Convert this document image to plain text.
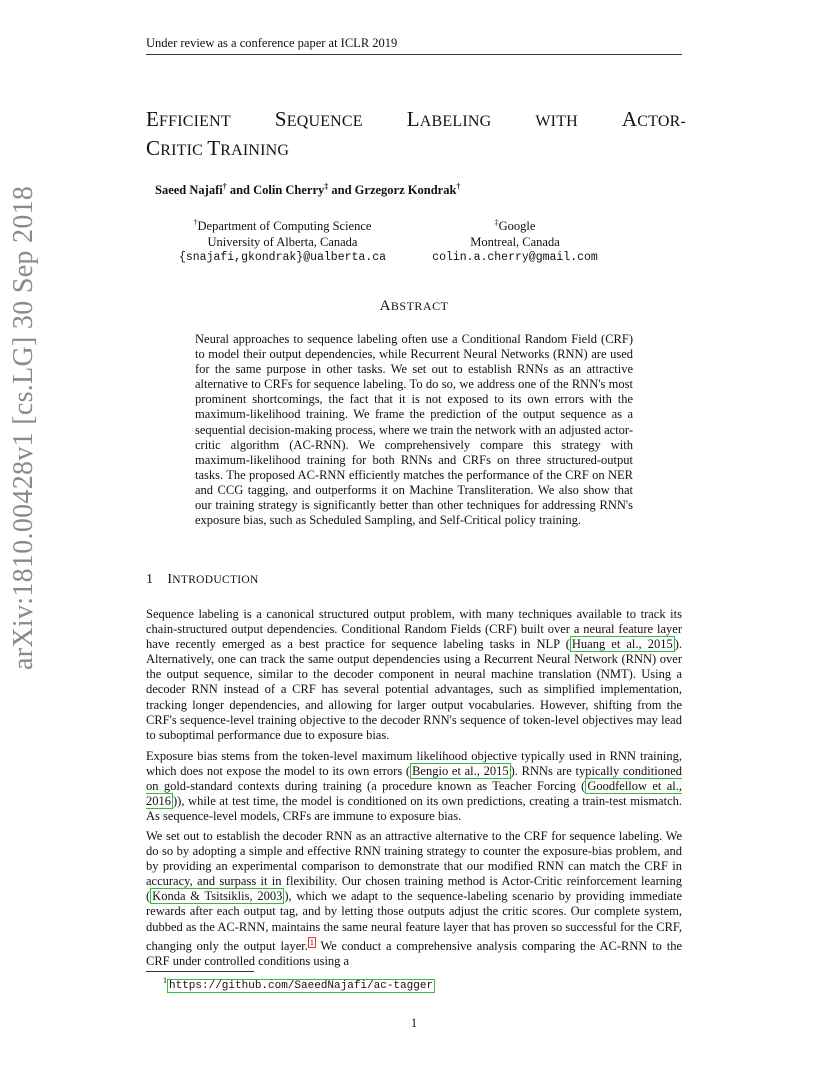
Under review as a conference paper at ICLR 2019
EFFICIENT SEQUENCE LABELING	WITH ACTOR-
CRITIC TRAINING
Saeed Najafi† and Colin Cherry‡ and Grzegorz Kondrak†
†Department of Computing Science
University of Alberta, Canada
{snajafi,gkondrak}@ualberta.ca
‡Google
Montreal, Canada
colin.a.cherry@gmail.com
ABSTRACT
Neural approaches to sequence labeling often use a Conditional Random Field (CRF) to model their output dependencies, while Recurrent Neural Networks (RNN) are used for the same purpose in other tasks. We set out to establish RNNs as an attractive alternative to CRFs for sequence labeling. To do so, we address one of the RNN's most prominent shortcomings, the fact that it is not exposed to its own errors with the maximum-likelihood training. We frame the prediction of the output sequence as a sequential decision-making process, where we train the network with an adjusted actor-critic algorithm (AC-RNN). We comprehensively compare this strategy with maximum-likelihood training for both RNNs and CRFs on three structured-output tasks. The proposed AC-RNN efficiently matches the performance of the CRF on NER and CCG tagging, and outperforms it on Machine Transliteration. We also show that our training strategy is significantly better than other techniques for addressing RNN's exposure bias, such as Scheduled Sampling, and Self-Critical policy training.
1 INTRODUCTION
Sequence labeling is a canonical structured output problem, with many techniques available to track its chain-structured output dependencies. Conditional Random Fields (CRF) built over a neural feature layer have recently emerged as a best practice for sequence labeling tasks in NLP ( Huang et al., 2015 ). Alternatively, one can track the same output dependencies using a Recurrent Neural Network (RNN) over the output sequence, similar to the decoder component in neural machine translation (NMT). Using a decoder RNN instead of a CRF has several potential advantages, such as simplified implementation, tracking longer dependencies, and allowing for larger output vocabularies. However, shifting from the CRF's sequence-level training objective to the decoder RNN's sequence of token-level objectives may lead to suboptimal performance due to exposure bias.
Exposure bias stems from the token-level maximum likelihood objective typically used in RNN training, which does not expose the model to its own errors ( Bengio et al., 2015 ). RNNs are typically conditioned on gold-standard contexts during training (a procedure known as Teacher Forcing ( Goodfellow et al., 2016 )), while at test time, the model is conditioned on its own predictions, creating a train-test mismatch. As sequence-level models, CRFs are immune to exposure bias.
We set out to establish the decoder RNN as an attractive alternative to the CRF for sequence labeling. We do so by adopting a simple and effective RNN training strategy to counter the exposure-bias problem, and by providing an experimental comparison to demonstrate that our modified RNN can match the CRF in accuracy, and surpass it in flexibility. Our chosen training method is Actor-Critic reinforcement learning ( Konda & Tsitsiklis, 2003 ), which we adapt to the sequence-labeling scenario by providing immediate rewards after each output tag, and by letting those outputs adjust the critic scores. Our complete system, dubbed as the AC-RNN, maintains the same neural feature layer that has proven so successful for the CRF, changing only the output layer. $^1$ We conduct a comprehensive analysis comparing the AC-RNN to the CRF under controlled conditions using a
$^1$ https://github.com/SaeedNajafi/ac-tagger
1
arXiv:1810.00428v1 [cs.LG] 30 Sep 2018
